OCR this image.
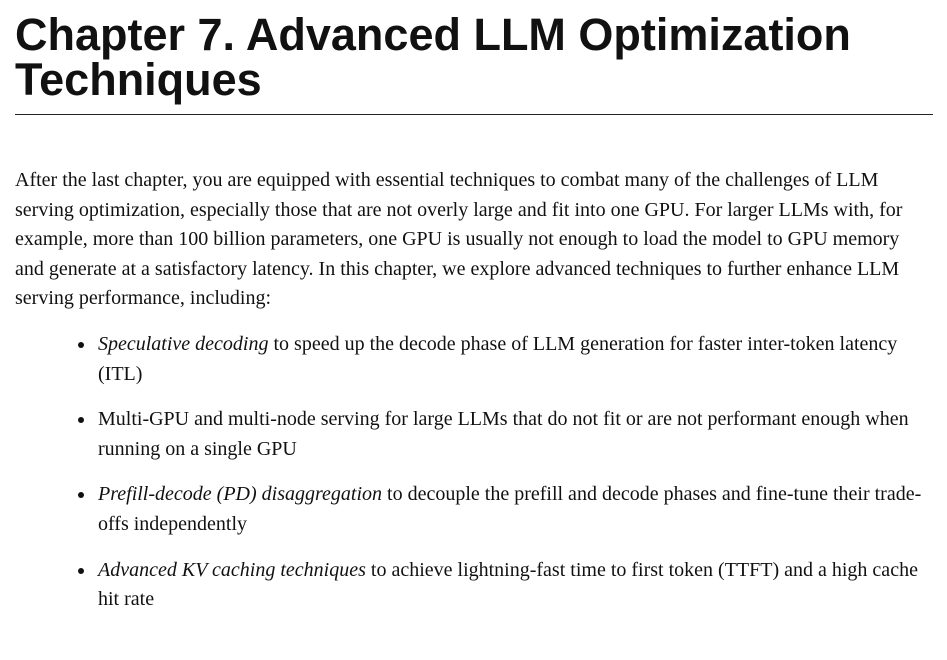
Chapter 7. Advanced LLM Optimization
Techniques

After the last chapter, you are equipped with essential techniques to combat many of the challenges of LLM serving optimization, especially those that are not overly large and fit into one GPU. For larger LLMs with, for example, more than 100 billion parameters, one GPU is usually not enough to load the model to GPU memory and generate at a satisfactory latency. In this chapter, we explore advanced techniques to further enhance LLM serving performance, including:

Speculative decoding to speed up the decode phase of LLM generation for faster inter-token latency (ITL)
Multi-GPU and multi-node serving for large LLMs that do not fit or are not performant enough when running on a single GPU
Prefill-decode (PD) disaggregation to decouple the prefill and decode phases and fine-tune their trade-offs independently
Advanced KV caching techniques to achieve lightning-fast time to first token (TTFT) and a high cache hit rate
